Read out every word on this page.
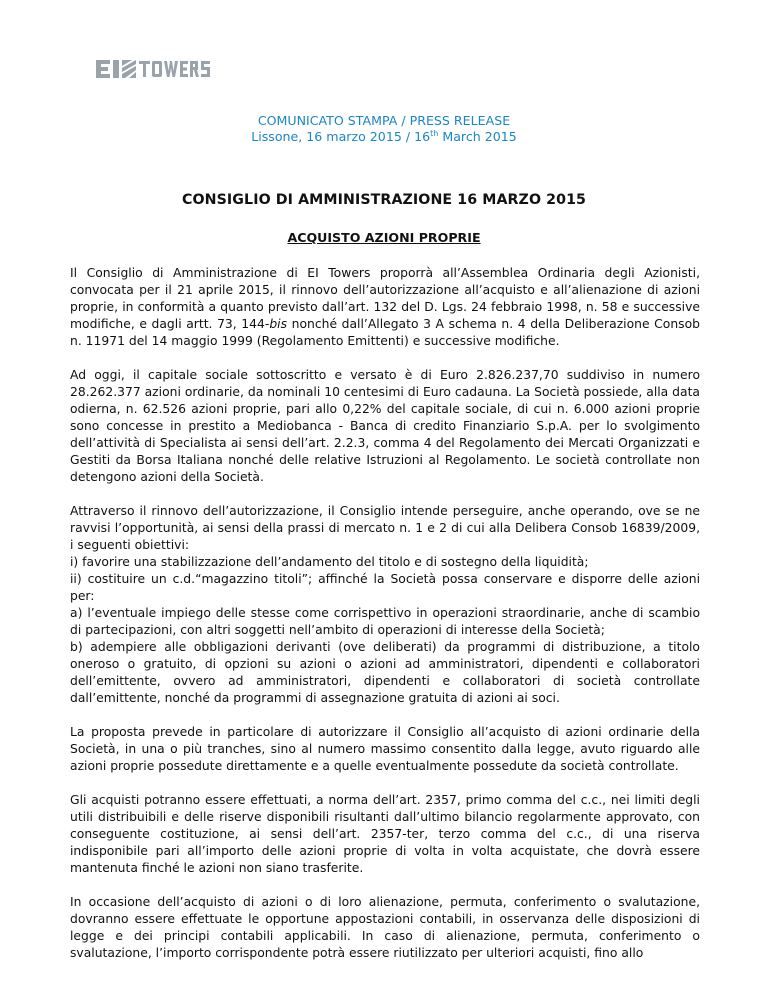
COMUNICATO STAMPA / PRESS RELEASE
Lissone, 16 marzo 2015 / 16th March 2015
CONSIGLIO DI AMMINISTRAZIONE 16 MARZO 2015
ACQUISTO AZIONI PROPRIE

Il Consiglio di Amministrazione di EI Towers proporrà all’Assemblea Ordinaria degli Azionisti, convocata per il 21 aprile 2015, il rinnovo dell’autorizzazione all’acquisto e all’alienazione di azioni proprie, in conformità a quanto previsto dall’art. 132 del D. Lgs. 24 febbraio 1998, n. 58 e successive modifiche, e dagli artt. 73, 144-bis nonché dall’Allegato 3 A schema n. 4 della Deliberazione Consob n. 11971 del 14 maggio 1999 (Regolamento Emittenti) e successive modifiche.

Ad oggi, il capitale sociale sottoscritto e versato è di Euro 2.826.237,70 suddiviso in numero 28.262.377 azioni ordinarie, da nominali 10 centesimi di Euro cadauna. La Società possiede, alla data odierna, n. 62.526 azioni proprie, pari allo 0,22% del capitale sociale, di cui n. 6.000 azioni proprie sono concesse in prestito a Mediobanca - Banca di credito Finanziario S.p.A. per lo svolgimento dell’attività di Specialista ai sensi dell’art. 2.2.3, comma 4 del Regolamento dei Mercati Organizzati e Gestiti da Borsa Italiana nonché delle relative Istruzioni al Regolamento. Le società controllate non detengono azioni della Società.

Attraverso il rinnovo dell’autorizzazione, il Consiglio intende perseguire, anche operando, ove se ne ravvisi l’opportunità, ai sensi della prassi di mercato n. 1 e 2 di cui alla Delibera Consob 16839/2009, i seguenti obiettivi:
i) favorire una stabilizzazione dell’andamento del titolo e di sostegno della liquidità;
ii) costituire un c.d.“magazzino titoli”; affinché la Società possa conservare e disporre delle azioni per:
a) l’eventuale impiego delle stesse come corrispettivo in operazioni straordinarie, anche di scambio di partecipazioni, con altri soggetti nell’ambito di operazioni di interesse della Società;
b) adempiere alle obbligazioni derivanti (ove deliberati) da programmi di distribuzione, a titolo oneroso o gratuito, di opzioni su azioni o azioni ad amministratori, dipendenti e collaboratori dell’emittente, ovvero ad amministratori, dipendenti e collaboratori di società controllate dall’emittente, nonché da programmi di assegnazione gratuita di azioni ai soci.

La proposta prevede in particolare di autorizzare il Consiglio all’acquisto di azioni ordinarie della Società, in una o più tranches, sino al numero massimo consentito dalla legge, avuto riguardo alle azioni proprie possedute direttamente e a quelle eventualmente possedute da società controllate.

Gli acquisti potranno essere effettuati, a norma dell’art. 2357, primo comma del c.c., nei limiti degli utili distribuibili e delle riserve disponibili risultanti dall’ultimo bilancio regolarmente approvato, con conseguente costituzione, ai sensi dell’art. 2357-ter, terzo comma del c.c., di una riserva indisponibile pari all’importo delle azioni proprie di volta in volta acquistate, che dovrà essere mantenuta finché le azioni non siano trasferite.

In occasione dell’acquisto di azioni o di loro alienazione, permuta, conferimento o svalutazione, dovranno essere effettuate le opportune appostazioni contabili, in osservanza delle disposizioni di legge e dei principi contabili applicabili. In caso di alienazione, permuta, conferimento o svalutazione, l’importo corrispondente potrà essere riutilizzato per ulteriori acquisti, fino allo
